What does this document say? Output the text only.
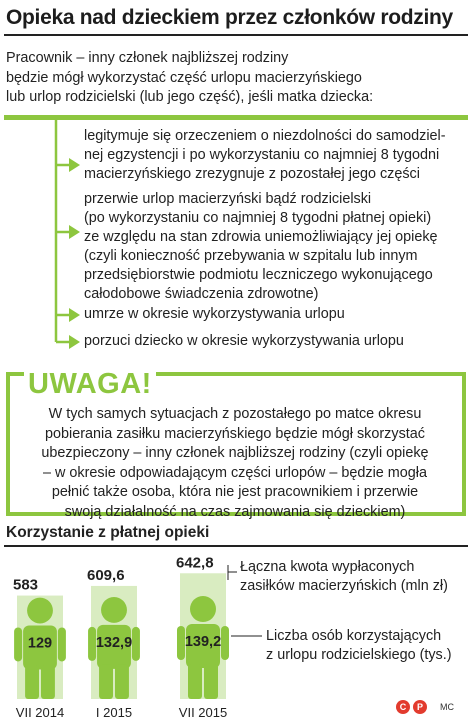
Opieka nad dzieckiem przez członków rodziny
Pracownik – inny członek najbliższej rodziny
będzie mógł wykorzystać część urlopu macierzyńskiego
lub urlop rodzicielski (lub jego część), jeśli matka dziecka:
legitymuje się orzeczeniem o niezdolności do samodziel-
nej egzystencji i po wykorzystaniu co najmniej 8 tygodni
macierzyńskiego zrezygnuje z pozostałej jego części
przerwie urlop macierzyński bądź rodzicielski
(po wykorzystaniu co najmniej 8 tygodni płatnej opieki)
ze względu na stan zdrowia uniemożliwiający jej opiekę
(czyli konieczność przebywania w szpitalu lub innym
przedsiębiorstwie podmiotu leczniczego wykonującego
całodobowe świadczenia zdrowotne)
umrze w okresie wykorzystywania urlopu
porzuci dziecko w okresie wykorzystywania urlopu
UWAGA!
W tych samych sytuacjach z pozostałego po matce okresu
pobierania zasiłku macierzyńskiego będzie mógł skorzystać
ubezpieczony – inny członek najbliższej rodziny (czyli opiekę
– w okresie odpowiadającym części urlopów – będzie mogła
pełnić także osoba, która nie jest pracownikiem i przerwie
swoją działalność na czas zajmowania się dzieckiem)
Korzystanie z płatnej opieki
583
VII 2014
609,6
I 2015
642,8
VII 2015
129	132,9	139,2
Łączna kwota wypłaconych
zasiłków macierzyńskich (mln zł)
Liczba osób korzystających
z urlopu rodzicielskiego (tys.)
C	P	MC
